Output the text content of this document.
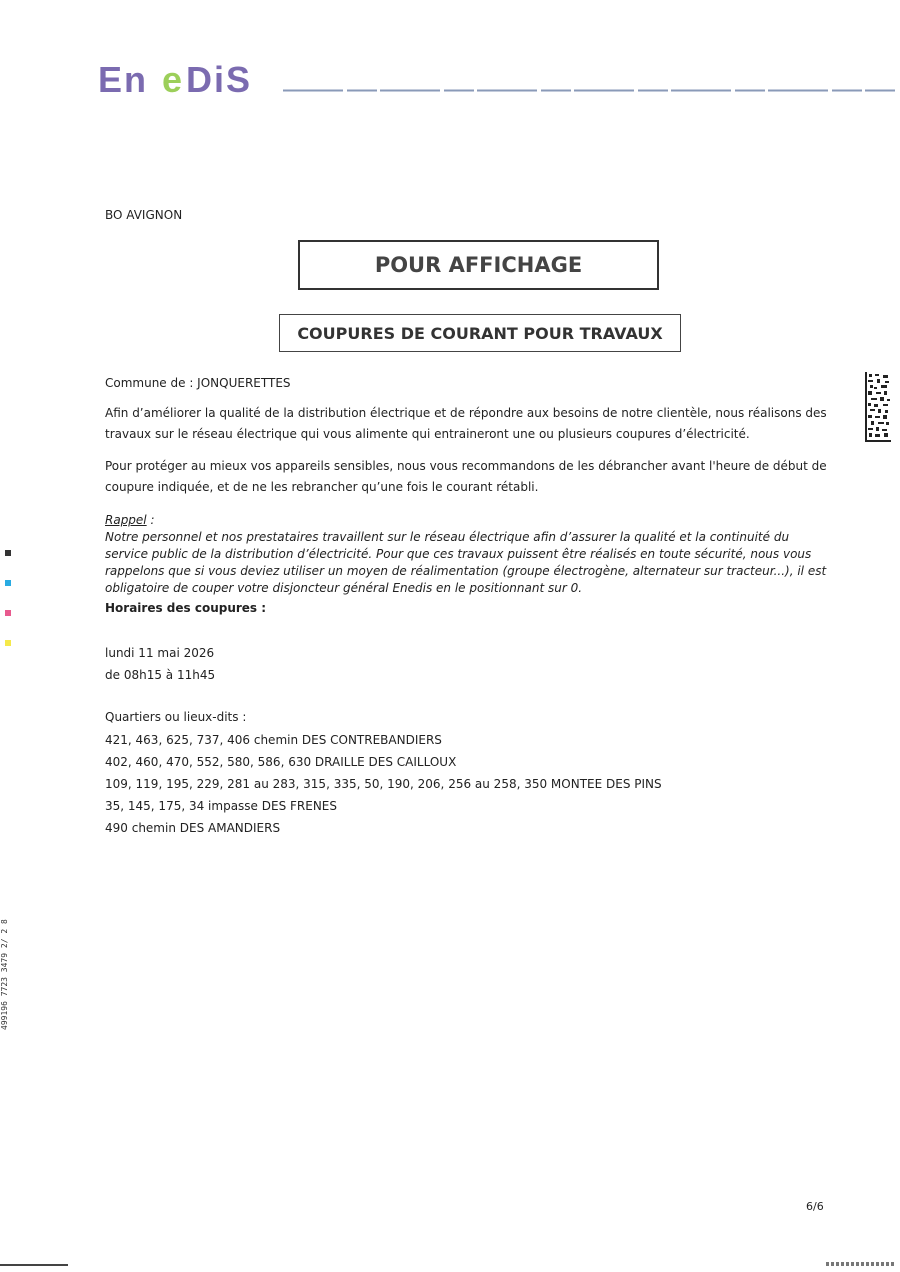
En e DiS
BO AVIGNON
POUR AFFICHAGE
COUPURES DE COURANT POUR TRAVAUX
Commune de : JONQUERETTES
Afin d’améliorer la qualité de la distribution électrique et de répondre aux besoins de notre clientèle, nous réalisons des travaux sur le réseau électrique qui vous alimente qui entraineront une ou plusieurs coupures d’électricité.
Pour protéger au mieux vos appareils sensibles, nous vous recommandons de les débrancher avant l'heure de début de coupure indiquée, et de ne les rebrancher qu’une fois le courant rétabli.
Rappel :
Notre personnel et nos prestataires travaillent sur le réseau électrique afin d’assurer la qualité et la continuité du service public de la distribution d’électricité. Pour que ces travaux puissent être réalisés en toute sécurité, nous vous rappelons que si vous deviez utiliser un moyen de réalimentation (groupe électrogène, alternateur sur tracteur...), il est obligatoire de couper votre disjoncteur général Enedis en le positionnant sur 0.
Horaires des coupures :
lundi 11 mai 2026
de 08h15 à 11h45
Quartiers ou lieux-dits :
421, 463, 625, 737, 406 chemin DES CONTREBANDIERS
402, 460, 470, 552, 580, 586, 630 DRAILLE DES CAILLOUX
109, 119, 195, 229, 281 au 283, 315, 335, 50, 190, 206, 256 au 258, 350 MONTEE DES PINS
35, 145, 175, 34 impasse DES FRENES
490 chemin DES AMANDIERS
499196 7723 3479 2/ 2 8
6/6
